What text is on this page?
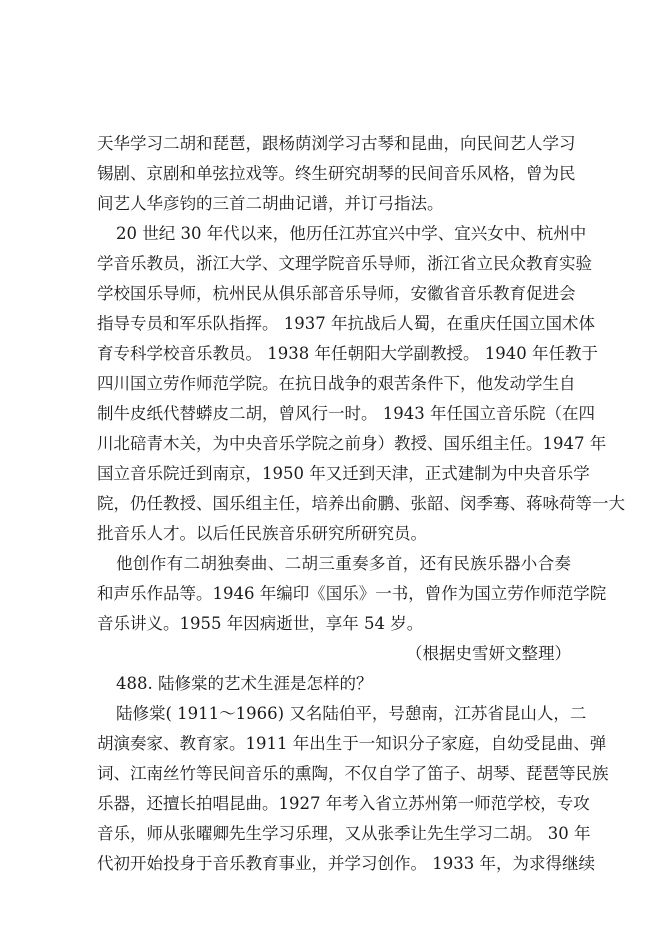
天华学习二胡和琵琶，跟杨荫浏学习古琴和昆曲，向民间艺人学习
锡剧、京剧和单弦拉戏等。终生研究胡琴的民间音乐风格，曾为民
间艺人华彦钧的三首二胡曲记谱，并订弓指法。
20 世纪 30 年代以来，他历任江苏宜兴中学、宜兴女中、杭州中
学音乐教员，浙江大学、文理学院音乐导师，浙江省立民众教育实验
学校国乐导师，杭州民从俱乐部音乐导师，安徽省音乐教育促进会
指导专员和军乐队指挥。 1937 年抗战后人蜀，在重庆任国立国术体
育专科学校音乐教员。 1938 年任朝阳大学副教授。 1940 年任教于
四川国立劳作师范学院。在抗日战争的艰苦条件下，他发动学生自
制牛皮纸代替蟒皮二胡，曾风行一时。 1943 年任国立音乐院（在四
川北碚青木关，为中央音乐学院之前身）教授、国乐组主任。1947 年
国立音乐院迁到南京，1950 年又迁到天津，正式建制为中央音乐学
院，仍任教授、国乐组主任，培养出俞鹏、张韶、闵季骞、蒋咏荷等一大
批音乐人才。以后任民族音乐研究所研究员。
他创作有二胡独奏曲、二胡三重奏多首，还有民族乐器小合奏
和声乐作品等。1946 年编印《国乐》一书，曾作为国立劳作师范学院
音乐讲义。1955 年因病逝世，享年 54 岁。
（根据史雪妍文整理）
488. 陆修棠的艺术生涯是怎样的？
陆修棠( 1911～1966) 又名陆伯平，号憩南，江苏省昆山人，二
胡演奏家、教育家。1911 年出生于一知识分子家庭，自幼受昆曲、弹
词、江南丝竹等民间音乐的熏陶，不仅自学了笛子、胡琴、琵琶等民族
乐器，还擅长拍唱昆曲。1927 年考入省立苏州第一师范学校，专攻
音乐，师从张曜卿先生学习乐理，又从张季让先生学习二胡。 30 年
代初开始投身于音乐教育事业，并学习创作。 1933 年，为求得继续
